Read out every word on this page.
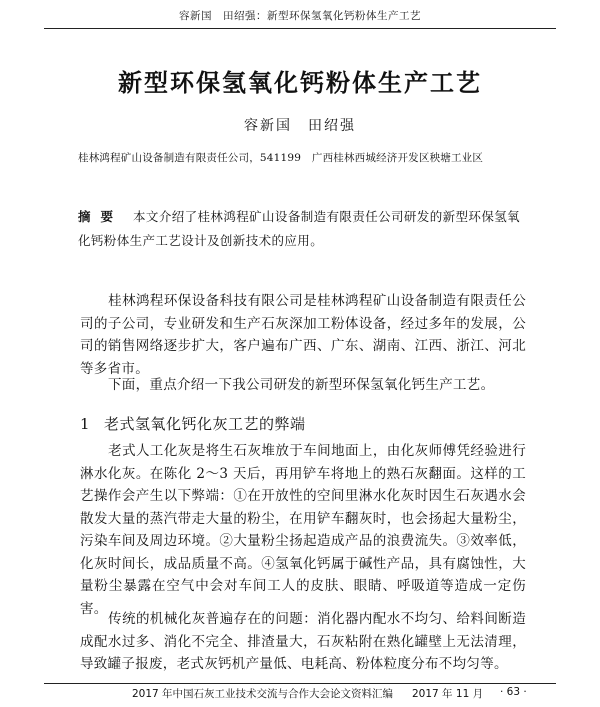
容新国　田绍强：新型环保氢氧化钙粉体生产工艺
新型环保氢氧化钙粉体生产工艺
容新国　田绍强
桂林鸿程矿山设备制造有限责任公司，541199　广西桂林西城经济开发区秧塘工业区
摘要 本文介绍了桂林鸿程矿山设备制造有限责任公司研发的新型环保氢氧化钙粉体生产工艺设计及创新技术的应用。
桂林鸿程环保设备科技有限公司是桂林鸿程矿山设备制造有限责任公司的子公司，专业研发和生产石灰深加工粉体设备，经过多年的发展，公司的销售网络逐步扩大，客户遍布广西、广东、湖南、江西、浙江、河北等多省市。
下面，重点介绍一下我公司研发的新型环保氢氧化钙生产工艺。
1 老式氢氧化钙化灰工艺的弊端
老式人工化灰是将生石灰堆放于车间地面上，由化灰师傅凭经验进行淋水化灰。在陈化 2～3 天后，再用铲车将地上的熟石灰翻面。这样的工艺操作会产生以下弊端：①在开放性的空间里淋水化灰时因生石灰遇水会散发大量的蒸汽带走大量的粉尘，在用铲车翻灰时，也会扬起大量粉尘，污染车间及周边环境。②大量粉尘扬起造成产品的浪费流失。③效率低，化灰时间长，成品质量不高。④氢氧化钙属于碱性产品，具有腐蚀性，大量粉尘暴露在空气中会对车间工人的皮肤、眼睛、呼吸道等造成一定伤害。
传统的机械化灰普遍存在的问题：消化器内配水不均匀、给料间断造成配水过多、消化不完全、排渣量大，石灰粘附在熟化罐壁上无法清理，导致罐子报废，老式灰钙机产量低、电耗高、粉体粒度分布不均匀等。
2017 年中国石灰工业技术交流与合作大会论文资料汇编 2017 年 11 月 · 63 ·
